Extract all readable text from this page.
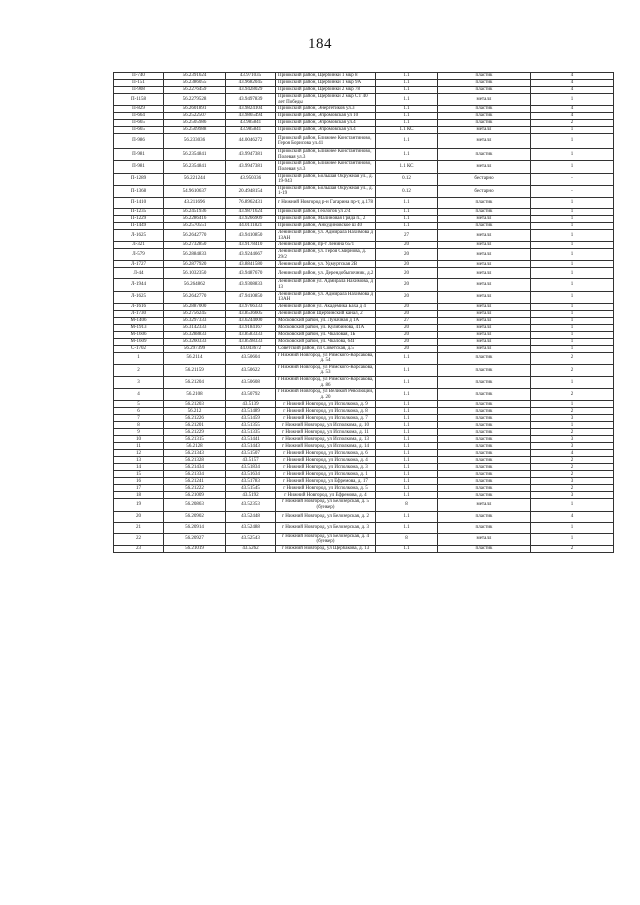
184
П-740	56.2391624	43.971035	Приокский район, Щербинки 1 мкр 8	1.1	пластик	4
П-151	56.2386055	43.9682045	Приокский район, Щербинки 1 мкр 9А	1.1	пластик	4
П-908	56.2276459	43.9428029	Приокский район, Щербинки 2 мкр 78	1.1	пластик	4
П-1158	56.2279528	43.9497839	Приокский район, Щербинки 2 мкр СТ 40 лет Победы	1.1	металл	1
П-829	56.2601891	43.9824104	Приокский район, Энергетиков ул.3	1.1	пластик	4
П-664	56.2522507	43.9865494	Приокский район, Эпромовская ул 10	1.1	пластик	4
П-665	56.2505986	43.985841	Приокский район, Эпромовская ул.4	1.1	пластик	2
П-665	56.2509988	43.985841	Приокский район, Эпромовская ул.4	1.1 КС	металл	1
П-986	56.233036	44.0046272	Приокский район, Ближнее Константиново, Героя Борисова ул.41	1.1	металл	1
П-981	56.2354841	43.9947381	Приокский район, Ближнее Константиново, Полевая ул.3	1.1	пластик	1
П-981	56.2354841	43.9947381	Приокский район, Ближнее Константиново, Полевая ул.3	1.1 КС	металл	1
П-1289	56.221244	43.950336	Приокский район, Большая Окружная ул., д. 19-943	0.12	бестарно	-
П-1368	54.9610637	20.4948154	Приокский район, Большая Окружная ул., д. 1-19	0.12	бестарно	-
П-1410	43.211696	76.8962431	г Нижний Новгород р-н Гагарина пр-т, д.178	1.1	пластик	1
П-1235	56.2451936	43.9871624	Приокский район, Геологов ул 2/4	1.1	пластик	1
П-1229	56.2286416	43.9266909	Приокский район, Малиновая Гряда п., 2	1.1	металл	1
П-1449	56.2570551	44.0111821	Приокский район, Анкудиновское ш 40	1.1	пластик	1
Л-1625	56.2642770	43.9410850	Ленинский район, ул. Адмирала Нахимова д 13АН	27	металл	1
Л-321	56.2732850	43.9178410	Ленинский район, пр-т Ленина 65/1	20	металл	1
Л-579	56.2884833	43.9244667	Ленинский район, ул. Героя Смирнова, д. 29/2	20	металл	1
Л-1727	56.2877920	43.8841580	Ленинский район, ул. Удмуртская 2В	20	металл	1
Л-44	56.1032350	43.9487670	Ленинский район, ул. Дерендобыпочник, д.2	20	металл	1
Л-1944	56.264862	43.9308833	Ленинский район ул. Адмирала Нахимова, д 13	20	металл	1
Л-1625	56.2642770	47.9410850	Ленинский район, ул. Адмирала Нахимова д 13АН	20	металл	1
Л-1616	56.2887000	43.9766333	Ленинский район ул. Академика Баха д 4	20	металл	1
Л-1730	56.2756245	43.8536605	Ленинский район Щербинский канал, 2	20	металл	1
М-1406	56.3297333	43.6244000	Московский район, ул. Луначная д 1А	27	металл	1
М-1913	56.3142333	43.9184167	Московский район, ул. Кулибинова, 41А	20	металл	1
М-1606	56.3288833	43.8583333	Московский район, ул. Чкаловая, 1Б	20	металл	1
М-1609	56.3260333	43.8598333	Московский район, ул. Чкалова, 64Г	20	металл	1
С-1702	56.297399	44.043672	Советский район, пл Советская, д.5	20	металл	1
1	56.2114	43.50604	г Нижний Новгород, ул Римского-Корсакова, д. 54	1.1	пластик	2
2	56.21159	43.50622	г Нижний Новгород, ул Римского-Корсакова, д. 53	1.1	пластик	2
3	56.21204	43.50608	г Нижний Новгород, ул Римского-Корсакова, д. 86	1.1	пластик	1
4	56.2108	43.50792	г Нижний Новгород, ул Великой Революции, д. 20	1.1	пластик	2
5	56.21203	43.5139	г Нижний Новгород, ул Исполкома, д. 9	1.1	пластик	1
6	56.212	43.51489	г Нижний Новгород, ул Исполкома, д. 8	1.1	пластик	2
7	56.21226	43.51459	г Нижний Новгород, ул Исполкома, д. 7	1.1	пластик	3
8	56.21201	43.51355	г Нижний Новгород, ул Исполкома, д. 10	1.1	пластик	1
9	56.21229	43.51335	г Нижний Новгород, ул Исполкома, д. 11	1.1	пластик	2
10	56.21315	43.51441	г Нижний Новгород, ул Исполкома, д. 13	1.1	пластик	3
11	56.2128	43.51443	г Нижний Новгород, ул Исполкома, д. 14	1.1	пластик	3
12	56.21343	43.51507	г Нижний Новгород, ул Исполкома, д. 6	1.1	пластик	4
13	56.21328	43.5157	г Нижний Новгород, ул Исполкома, д. 4	1.1	пластик	2
14	56.21434	43.51834	г Нижний Новгород, ул Исполкома, д. 3	1.1	пластик	2
15	56.21334	43.51634	г Нижний Новгород, ул Исполкома, д. 1	1.1	пластик	2
16	56.21241	43.51783	г Нижний Новгород, ул Ефремова, д. 17	1.1	пластик	3
17	56.21222	43.51545	г Нижний Новгород, ул Исполкома, д. 5	1.1	пластик	2
18	56.21009	43.5192	г Нижний Новгород, ул Ефремова, д. 4	1.1	пластик	3
19	56.20863	43.52353	г Нижний Новгород, ул Белозерская, д. 5 (бункер)	8	металл	1
20	56.20902	43.52448	г Нижний Новгород, ул Белозерская, д. 2	1.1	пластик	4
21	56.20914	43.52488	г Нижний Новгород, ул Белозерская, д. 3	1.1	пластик	1
22	56.20927	43.52543	г Нижний Новгород, ул Белозерская, д. 4 (бункер)	8	металл	1
23	56.21019	43.5262	г Нижний Новгород, ул Щербакова, д. 13	1.1	пластик	2
